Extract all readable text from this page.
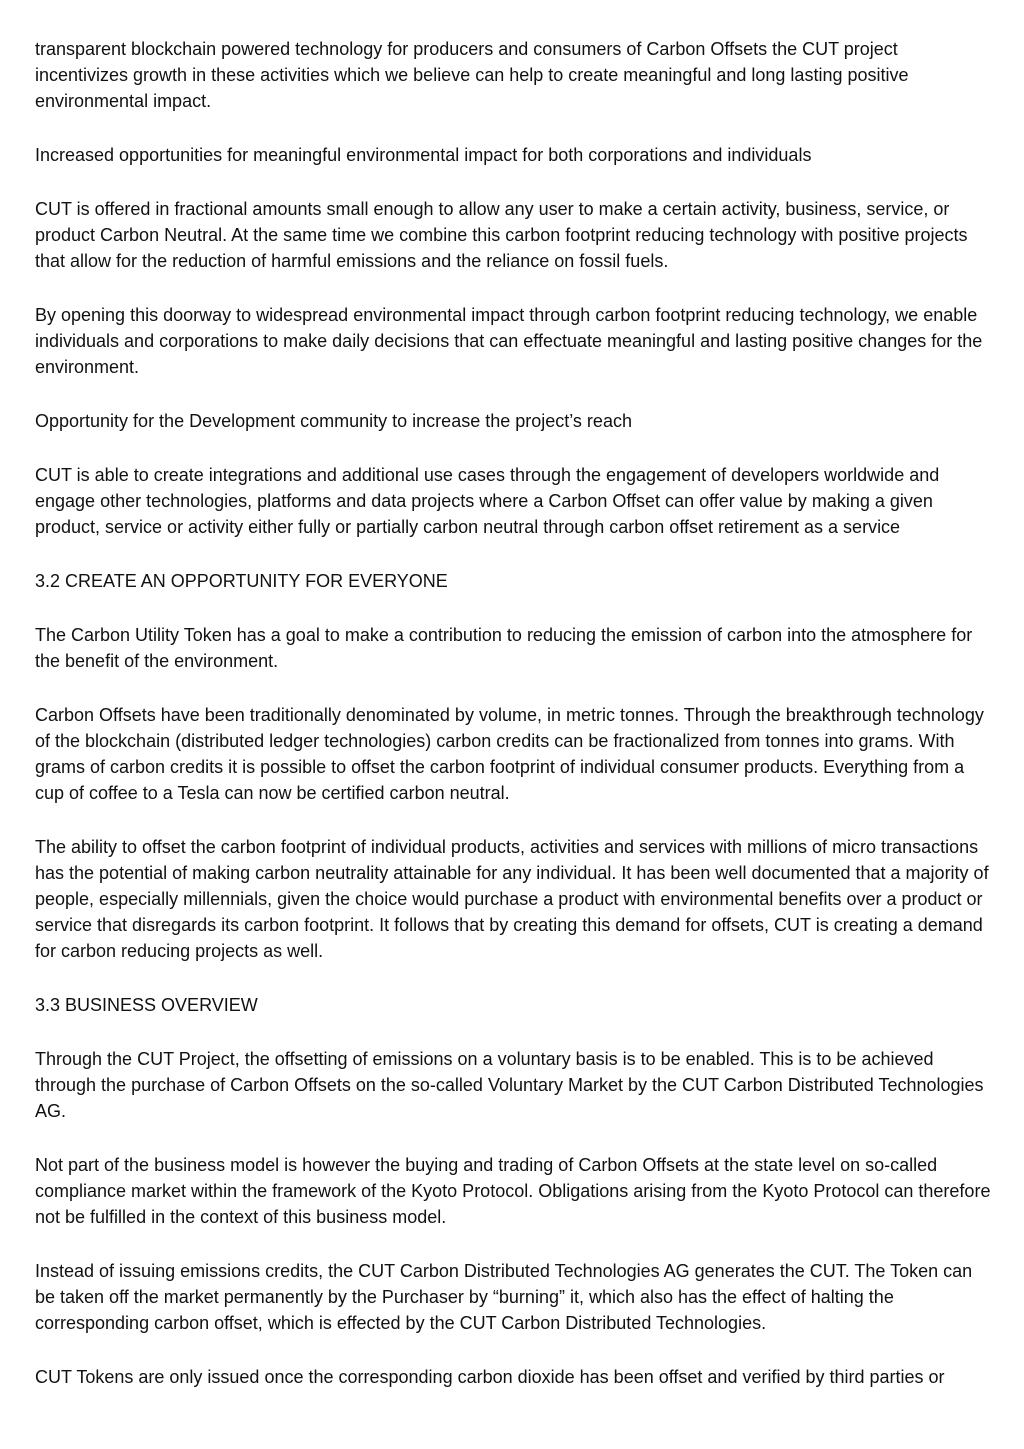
transparent blockchain powered technology for producers and consumers of Carbon Offsets the CUT project incentivizes growth in these activities which we believe can help to create meaningful and long lasting positive environmental impact.

Increased opportunities for meaningful environmental impact for both corporations and individuals

CUT is offered in fractional amounts small enough to allow any user to make a certain activity, business, service, or product Carbon Neutral. At the same time we combine this carbon footprint reducing technology with positive projects that allow for the reduction of harmful emissions and the reliance on fossil fuels.

By opening this doorway to widespread environmental impact through carbon footprint reducing technology, we enable individuals and corporations to make daily decisions that can effectuate meaningful and lasting positive changes for the environment.

Opportunity for the Development community to increase the project’s reach

CUT is able to create integrations and additional use cases through the engagement of developers worldwide and engage other technologies, platforms and data projects where a Carbon Offset can offer value by making a given product, service or activity either fully or partially carbon neutral through carbon offset retirement as a service

3.2 CREATE AN OPPORTUNITY FOR EVERYONE

The Carbon Utility Token has a goal to make a contribution to reducing the emission of carbon into the atmosphere for the benefit of the environment.

Carbon Offsets have been traditionally denominated by volume, in metric tonnes. Through the breakthrough technology of the blockchain (distributed ledger technologies) carbon credits can be fractionalized from tonnes into grams. With grams of carbon credits it is possible to offset the carbon footprint of individual consumer products. Everything from a cup of coffee to a Tesla can now be certified carbon neutral.

The ability to offset the carbon footprint of individual products, activities and services with millions of micro transactions has the potential of making carbon neutrality attainable for any individual. It has been well documented that a majority of people, especially millennials, given the choice would purchase a product with environmental benefits over a product or service that disregards its carbon footprint. It follows that by creating this demand for offsets, CUT is creating a demand for carbon reducing projects as well.

3.3 BUSINESS OVERVIEW

Through the CUT Project, the offsetting of emissions on a voluntary basis is to be enabled. This is to be achieved through the purchase of Carbon Offsets on the so-called Voluntary Market by the CUT Carbon Distributed Technologies AG.

Not part of the business model is however the buying and trading of Carbon Offsets at the state level on so-called compliance market within the framework of the Kyoto Protocol. Obligations arising from the Kyoto Protocol can therefore not be fulfilled in the context of this business model.

Instead of issuing emissions credits, the CUT Carbon Distributed Technologies AG generates the CUT. The Token can be taken off the market permanently by the Purchaser by “burning” it, which also has the effect of halting the corresponding carbon offset, which is effected by the CUT Carbon Distributed Technologies.

CUT Tokens are only issued once the corresponding carbon dioxide has been offset and verified by third parties or
